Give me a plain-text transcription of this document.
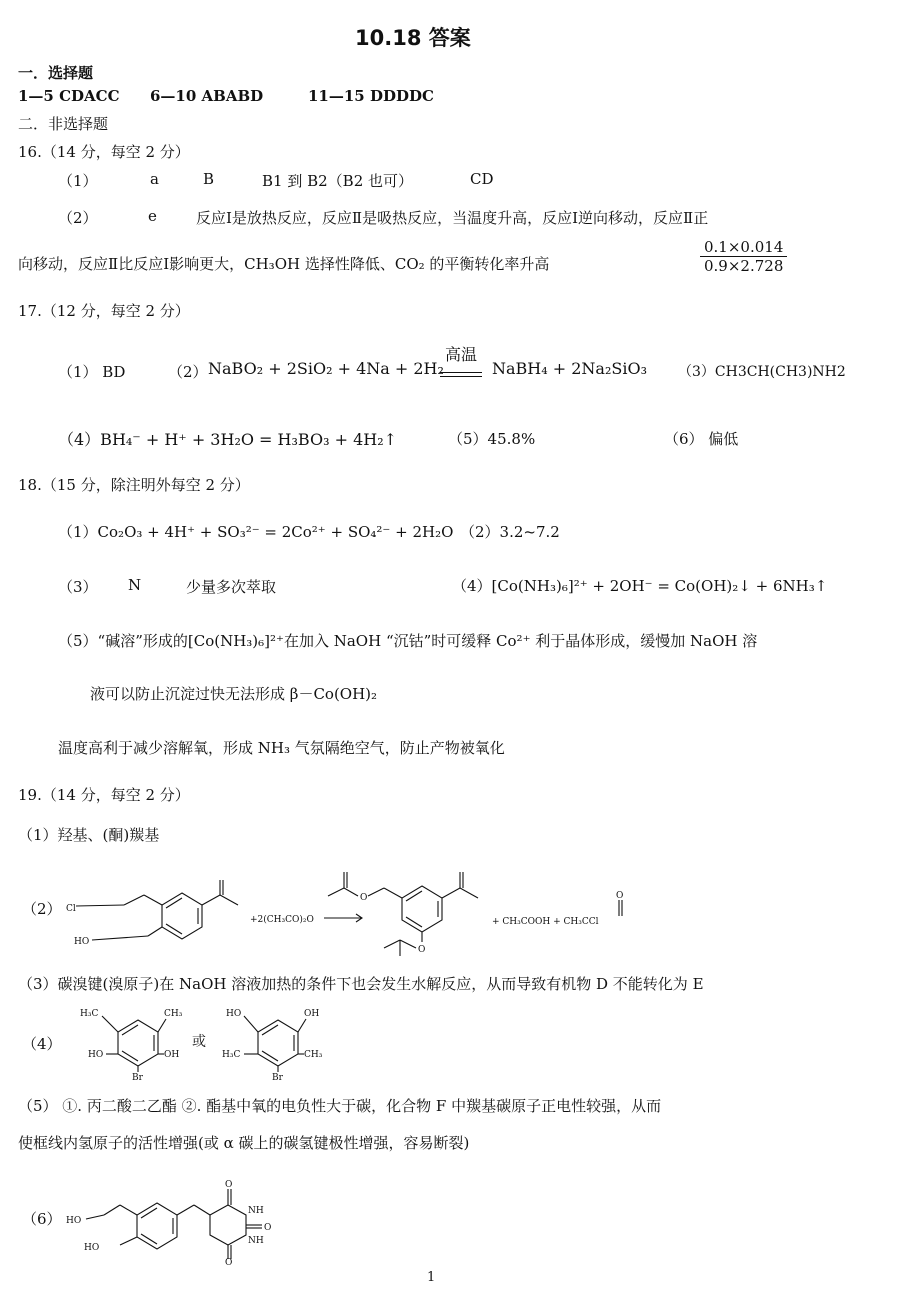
10.18 答案
一．选择题
1—5 CDACC 6—10 ABABD	11—15 DDDDC
二．非选择题
16.（14 分，每空 2 分）
（1）	a	B	B1 到 B2（B2 也可）	CD
（2）	e	反应Ⅰ是放热反应，反应Ⅱ是吸热反应，当温度升高，反应Ⅰ逆向移动，反应Ⅱ正
向移动，反应Ⅱ比反应Ⅰ影响更大，CH₃OH 选择性降低、CO₂ 的平衡转化率升高	$\frac{0.1\times 0.014}{0.9\times 2.728}$
17.（12 分，每空 2 分）
（1） BD	（2） NaBO₂ + 2SiO₂ + 4Na + 2H₂
高温
NaBH₄ + 2Na₂SiO₃ （3）CH3CH(CH3)NH2
（4）BH₄⁻ + H⁺ + 3H₂O = H₃BO₃ + 4H₂↑	（5）45.8%	（6） 偏低
18.（15 分，除注明外每空 2 分）
（1）Co₂O₃ + 4H⁺ + SO₃²⁻ = 2Co²⁺ + SO₄²⁻ + 2H₂O （2）3.2~7.2
（3） N	少量多次萃取	（4）[Co(NH₃)₆]²⁺ + 2OH⁻ = Co(OH)₂↓ + 6NH₃↑
（5）“碱溶”形成的[Co(NH₃)₆]²⁺在加入 NaOH “沉钴”时可缓释 Co²⁺ 利于晶体形成，缓慢加 NaOH 溶
液可以防止沉淀过快无法形成 β－Co(OH)₂
温度高利于减少溶解氧，形成 NH₃ 气氛隔绝空气，防止产物被氧化
19.（14 分，每空 2 分）
（1）羟基、(酮)羰基
（2） Cl
HO
+2(CH₃CO)₂O
O
O
+ CH₃COOH + CH₃CCl
O
（3）碳溴键(溴原子)在 NaOH 溶液加热的条件下也会发生水解反应，从而导致有机物 D 不能转化为 E
（4）
H₃C	CH₃
HO	OH
Br
或
HO	OH
H₃C	CH₃
Br
（5） ①. 丙二酸二乙酯 ②. 酯基中氧的电负性大于碳，化合物 F 中羰基碳原子正电性较强，从而
使框线内氢原子的活性增强(或 α 碳上的碳氢键极性增强，容易断裂)
（6） HO
HO
O
NH
O
NH
O
1
